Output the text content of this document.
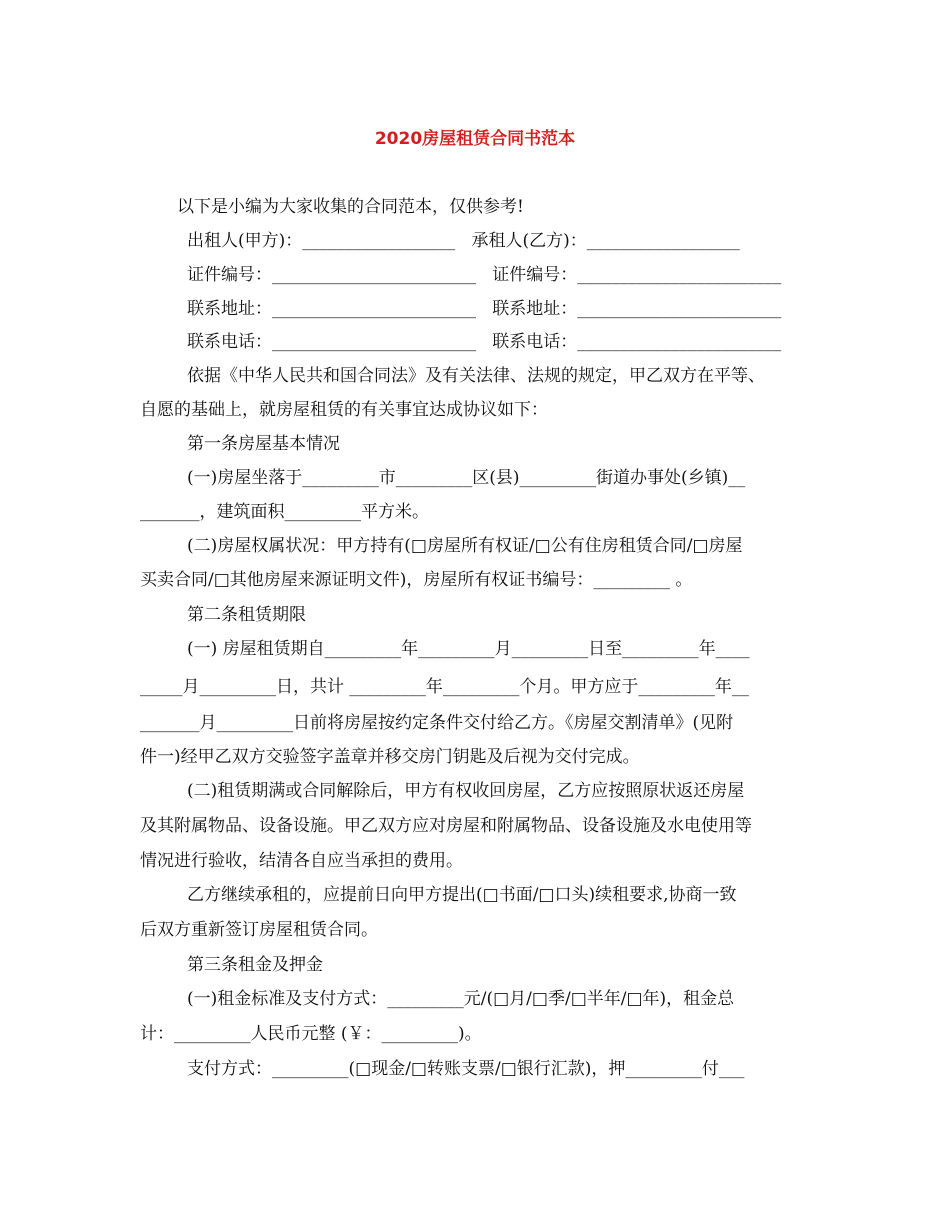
2020房屋租赁合同书范本
以下是小编为大家收集的合同范本，仅供参考!
出租人(甲方)：__________________   承租人(乙方)：__________________
证件编号：________________________   证件编号：________________________
联系地址：________________________   联系地址：________________________
联系电话：________________________   联系电话：________________________
依据《中华人民共和国合同法》及有关法律、法规的规定，甲乙双方在平等、
自愿的基础上，就房屋租赁的有关事宜达成协议如下：
第一条房屋基本情况
(一)房屋坐落于_________市_________区(县)_________街道办事处(乡镇)__
_______，建筑面积_________平方米。
(二)房屋权属状况：甲方持有(□房屋所有权证/□公有住房租赁合同/□房屋
买卖合同/□其他房屋来源证明文件)，房屋所有权证书编号：_________ 。
第二条租赁期限
(一) 房屋租赁期自_________年_________月_________日至_________年____
_____月_________日，共计 _________年_________个月。甲方应于_________年__
_______月_________日前将房屋按约定条件交付给乙方。《房屋交割清单》(见附
件一)经甲乙双方交验签字盖章并移交房门钥匙及后视为交付完成。
(二)租赁期满或合同解除后，甲方有权收回房屋，乙方应按照原状返还房屋
及其附属物品、设备设施。甲乙双方应对房屋和附属物品、设备设施及水电使用等
情况进行验收，结清各自应当承担的费用。
乙方继续承租的，应提前日向甲方提出(□书面/□口头)续租要求,协商一致
后双方重新签订房屋租赁合同。
第三条租金及押金
(一)租金标准及支付方式：_________元/(□月/□季/□半年/□年)，租金总
计：_________人民币元整 (￥：_________)。
支付方式：_________(□现金/□转账支票/□银行汇款)，押_________付___
